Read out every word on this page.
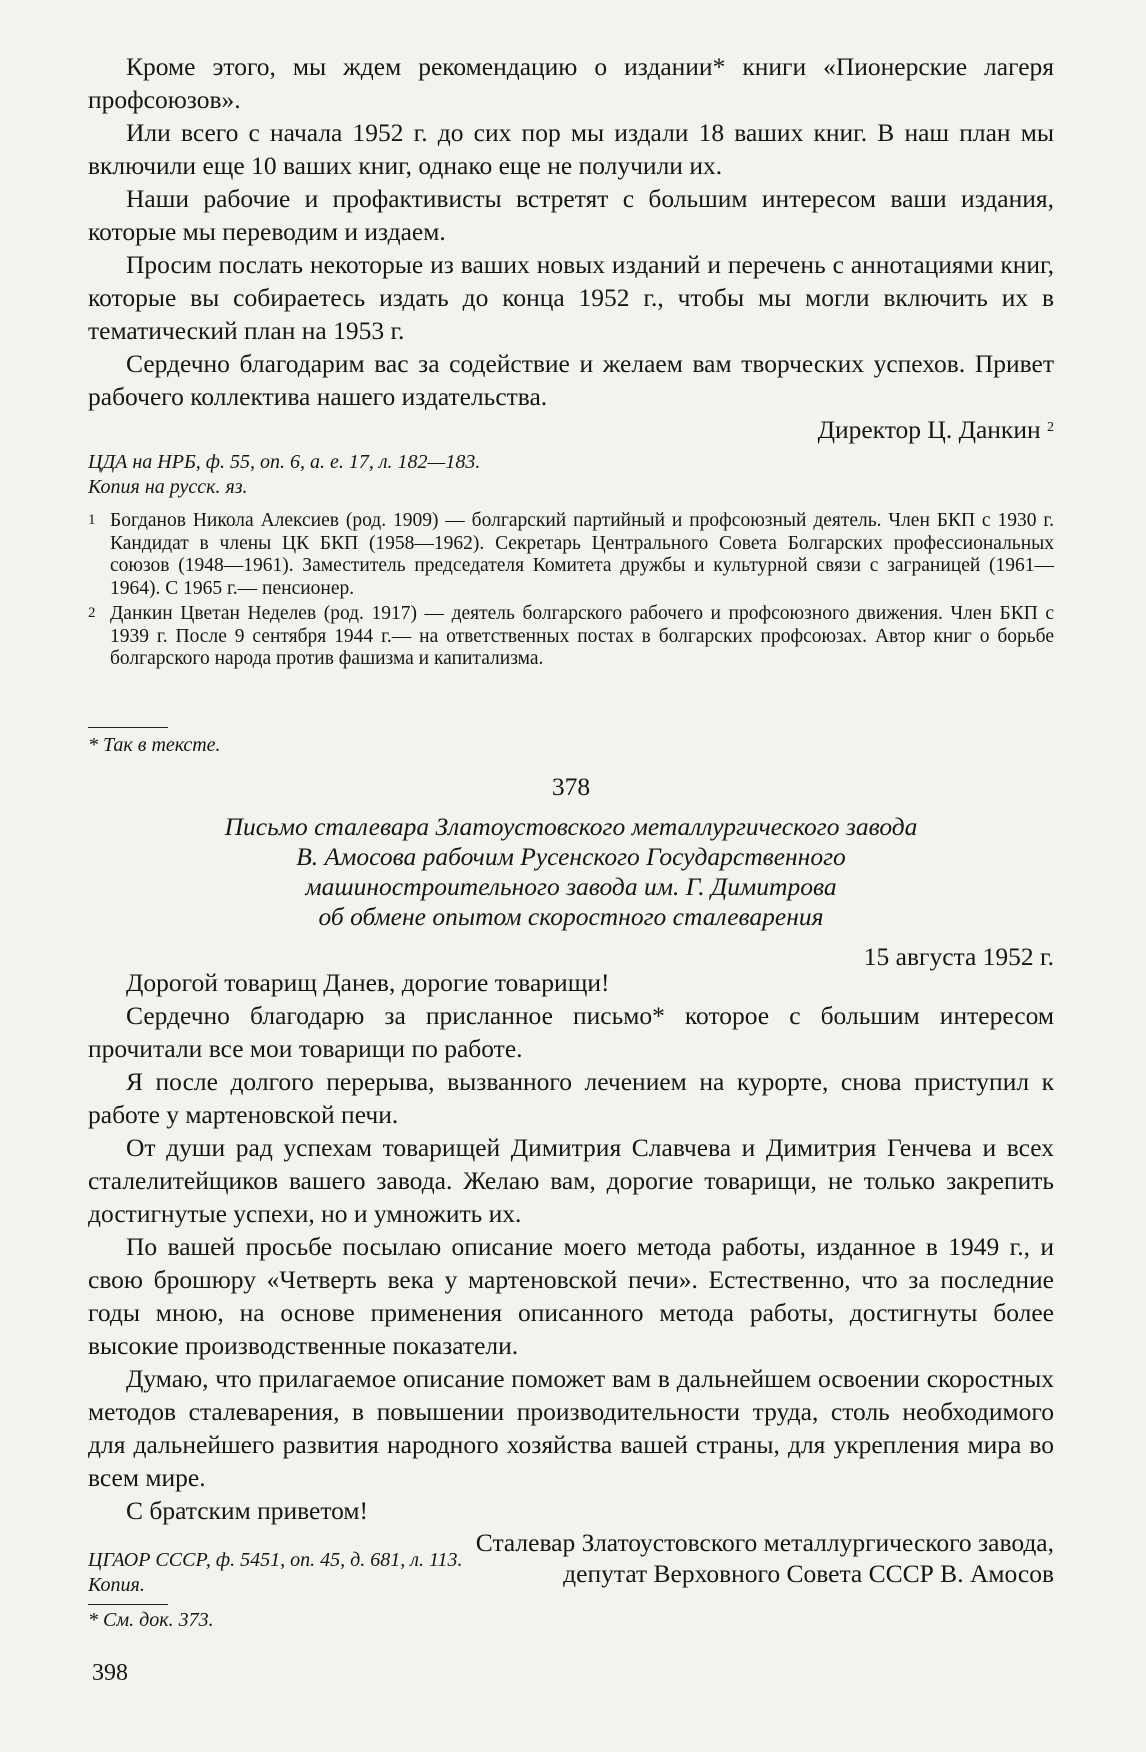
Кроме этого, мы ждем рекомендацию о издании* книги «Пионерские лагеря профсоюзов».

Или всего с начала 1952 г. до сих пор мы издали 18 ваших книг. В наш план мы включили еще 10 ваших книг, однако еще не получили их.

Наши рабочие и профактивисты встретят с большим интересом ваши издания, которые мы переводим и издаем.

Просим послать некоторые из ваших новых изданий и перечень с аннотациями книг, которые вы собираетесь издать до конца 1952 г., чтобы мы могли включить их в тематический план на 1953 г.

Сердечно благодарим вас за содействие и желаем вам творческих успехов. Привет рабочего коллектива нашего издательства.

Директор Ц. Данкин $^2$

ЦДА на НРБ, ф. 55, оп. 6, а. е. 17, л. 182—183.

Копия на русск. яз.

1 Богданов Никола Алексиев (род. 1909) — болгарский партийный и профсоюзный деятель. Член БКП с 1930 г. Кандидат в члены ЦК БКП (1958—1962). Секретарь Центрального Совета Болгарских профессиональных союзов (1948—1961). Заместитель председателя Комитета дружбы и культурной связи с заграницей (1961—1964). С 1965 г.— пенсионер.

2 Данкин Цветан Неделев (род. 1917) — деятель болгарского рабочего и профсоюзного движения. Член БКП с 1939 г. После 9 сентября 1944 г.— на ответственных постах в болгарских профсоюзах. Автор книг о борьбе болгарского народа против фашизма и капитализма.

* Так в тексте.

378

Письмо сталевара Златоустовского металлургического завода

В. Амосова рабочим Русенского Государственного

машиностроительного завода им. Г. Димитрова

об обмене опытом скоростного сталеварения

15 августа 1952 г.

Дорогой товарищ Данев, дорогие товарищи!

Сердечно благодарю за присланное письмо* которое с большим интересом прочитали все мои товарищи по работе.

Я после долгого перерыва, вызванного лечением на курорте, снова приступил к работе у мартеновской печи.

От души рад успехам товарищей Димитрия Славчева и Димитрия Генчева и всех сталелитейщиков вашего завода. Желаю вам, дорогие товарищи, не только закрепить достигнутые успехи, но и умножить их.

По вашей просьбе посылаю описание моего метода работы, изданное в 1949 г., и свою брошюру «Четверть века у мартеновской печи». Естественно, что за последние годы мною, на основе применения описанного метода работы, достигнуты более высокие производственные показатели.

Думаю, что прилагаемое описание поможет вам в дальнейшем освоении скоростных методов сталеварения, в повышении производительности труда, столь необходимого для дальнейшего развития народного хозяйства вашей страны, для укрепления мира во всем мире.

С братским приветом!

Сталевар Златоустовского металлургического завода,

депутат Верховного Совета СССР В. Амосов

ЦГАОР СССР, ф. 5451, оп. 45, д. 681, л. 113.

Копия.

* См. док. 373.

398
